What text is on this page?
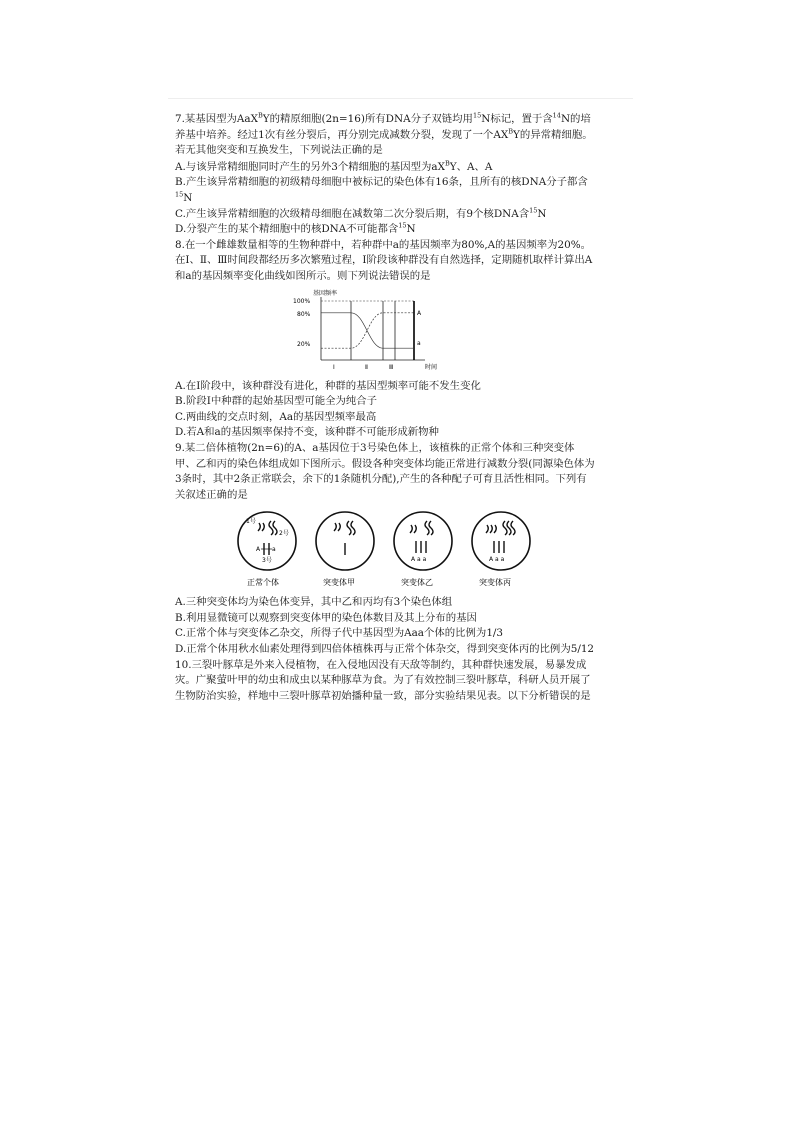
7.某基因型为AaX$^B$Y的精原细胞(2n=16)所有DNA分子双链均用$^{15}$N标记，置于含$^{14}$N的培养基中培养。经过1次有丝分裂后，再分别完成减数分裂，发现了一个$AX^BY$的异常精细胞。若无其他突变和互换发生，下列说法正确的是

A.与该异常精细胞同时产生的另外3个精细胞的基因型为$aX^BY$、A、A

B.产生该异常精细胞的初级精母细胞中被标记的染色体有16条，且所有的核DNA分子都含$^{15}$N

C.产生该异常精细胞的次级精母细胞在减数第二次分裂后期，有9个核DNA含$^{15}$N

D.分裂产生的某个精细胞中的核DNA不可能都含$^{15}$N

8.在一个雌雄数量相等的生物种群中，若种群中a的基因频率为80%,A的基因频率为20%。在Ⅰ、Ⅱ、Ⅲ时间段都经历多次繁殖过程，Ⅰ阶段该种群没有自然选择，定期随机取样计算出A和a的基因频率变化曲线如图所示。则下列说法错误的是

基因频率
100%
80%
20%
A
a
Ⅰ	Ⅱ	Ⅲ	时间

A.在Ⅰ阶段中，该种群没有进化，种群的基因型频率可能不发生变化

B.阶段Ⅰ中种群的起始基因型可能全为纯合子

C.两曲线的交点时刻，Aa的基因型频率最高

D.若A和a的基因频率保持不变，该种群不可能形成新物种

9.某二倍体植物(2n=6)的A、a基因位于3号染色体上，该植株的正常个体和三种突变体甲、乙和丙的染色体组成如下图所示。假设各种突变体均能正常进行减数分裂(同源染色体为3条时，其中2条正常联会，余下的1条随机分配),产生的各种配子可育且活性相同。下列有关叙述正确的是

1号
2号
A a
3号	A a a	A a a
正常个体	突变体甲	突变体乙	突变体丙

A.三种突变体均为染色体变异，其中乙和丙均有3个染色体组

B.利用显微镜可以观察到突变体甲的染色体数目及其上分布的基因

C.正常个体与突变体乙杂交，所得子代中基因型为Aaa个体的比例为1/3

D.正常个体用秋水仙素处理得到四倍体植株再与正常个体杂交，得到突变体丙的比例为5/12

10.三裂叶豚草是外来入侵植物，在入侵地因没有天敌等制约，其种群快速发展，易暴发成灾。广聚萤叶甲的幼虫和成虫以某种豚草为食。为了有效控制三裂叶豚草，科研人员开展了生物防治实验，样地中三裂叶豚草初始播种量一致，部分实验结果见表。以下分析错误的是
